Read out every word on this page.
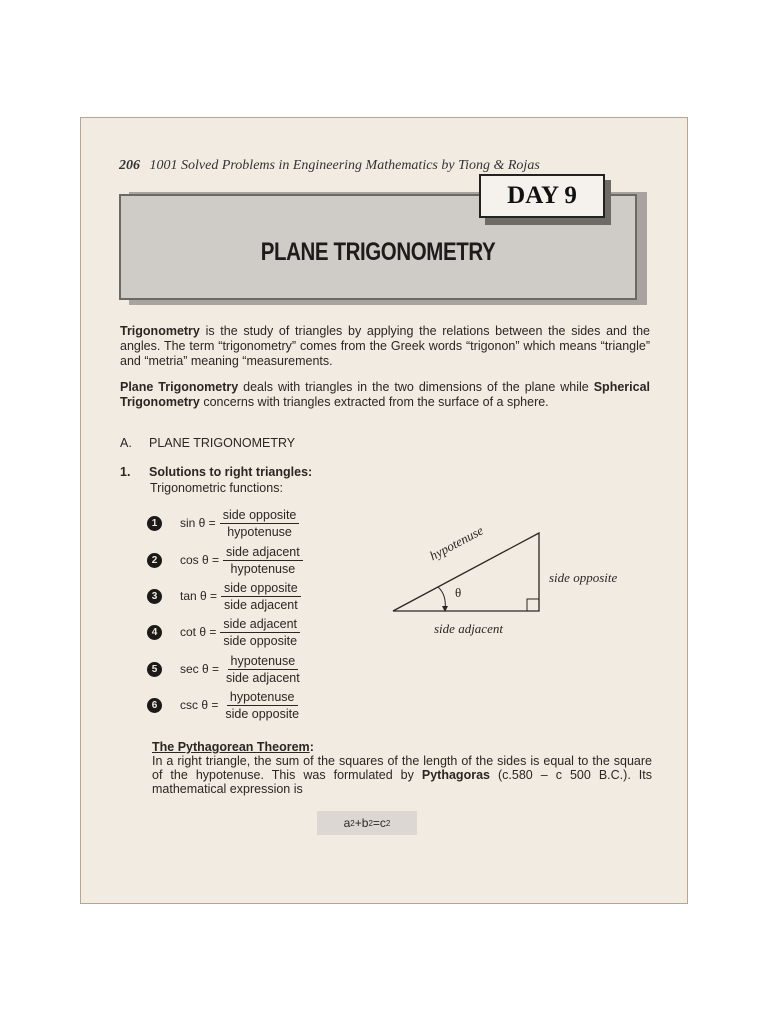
206 1001 Solved Problems in Engineering Mathematics by Tiong & Rojas
PLANE TRIGONOMETRY
DAY 9
Trigonometry is the study of triangles by applying the relations between the sides and the angles. The term “trigonometry” comes from the Greek words “trigonon” which means “triangle” and “metria” meaning “measurements.
Plane Trigonometry deals with triangles in the two dimensions of the plane while Spherical Trigonometry concerns with triangles extracted from the surface of a sphere.
A. PLANE TRIGONOMETRY
1. Solutions to right triangles:
Trigonometric functions:
1	$\sin \theta = \frac{\text{side opposite}}{\text{hypotenuse}}$
2	$\cos \theta = \frac{\text{side adjacent}}{\text{hypotenuse}}$
3	$\tan \theta = \frac{\text{side opposite}}{\text{side adjacent}}$
4	$\cot \theta = \frac{\text{side adjacent}}{\text{side opposite}}$
5	$\sec \theta = \frac{\text{hypotenuse}}{\text{side adjacent}}$
6	$\csc \theta = \frac{\text{hypotenuse}}{\text{side opposite}}$
θ
hypotenuse
side opposite
side adjacent
The Pythagorean Theorem:
In a right triangle, the sum of the squares of the length of the sides is equal to the square of the hypotenuse. This was formulated by Pythagoras (c.580 – c 500 B.C.). Its mathematical expression is
a 2 + b 2 = c 2
